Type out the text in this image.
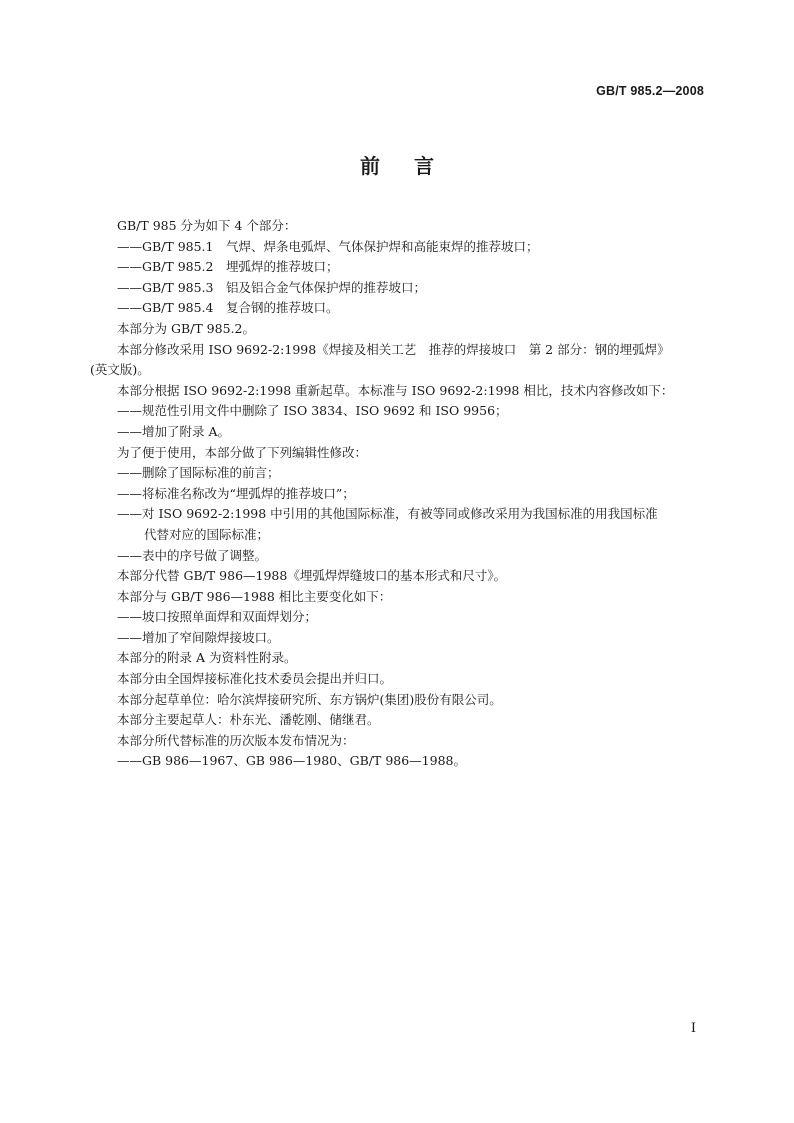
GB/T 985.2—2008
前言
GB/T 985 分为如下 4 个部分：
——GB/T 985.1　气焊、焊条电弧焊、气体保护焊和高能束焊的推荐坡口；
——GB/T 985.2　埋弧焊的推荐坡口；
——GB/T 985.3　铝及铝合金气体保护焊的推荐坡口；
——GB/T 985.4　复合钢的推荐坡口。
本部分为 GB/T 985.2。
本部分修改采用 ISO 9692-2:1998《焊接及相关工艺　推荐的焊接坡口　第 2 部分：钢的埋弧焊》
(英文版)。
本部分根据 ISO 9692-2:1998 重新起草。本标准与 ISO 9692-2:1998 相比，技术内容修改如下：
——规范性引用文件中删除了 ISO 3834、ISO 9692 和 ISO 9956；
——增加了附录 A。
为了便于使用，本部分做了下列编辑性修改：
——删除了国际标准的前言；
——将标准名称改为“埋弧焊的推荐坡口”；
——对 ISO 9692-2:1998 中引用的其他国际标准，有被等同或修改采用为我国标准的用我国标准
代替对应的国际标准；
——表中的序号做了调整。
本部分代替 GB/T 986—1988《埋弧焊焊缝坡口的基本形式和尺寸》。
本部分与 GB/T 986—1988 相比主要变化如下：
——坡口按照单面焊和双面焊划分；
——增加了窄间隙焊接坡口。
本部分的附录 A 为资料性附录。
本部分由全国焊接标准化技术委员会提出并归口。
本部分起草单位：哈尔滨焊接研究所、东方锅炉(集团)股份有限公司。
本部分主要起草人：朴东光、潘乾刚、储继君。
本部分所代替标准的历次版本发布情况为：
——GB 986—1967、GB 986—1980、GB/T 986—1988。
I
